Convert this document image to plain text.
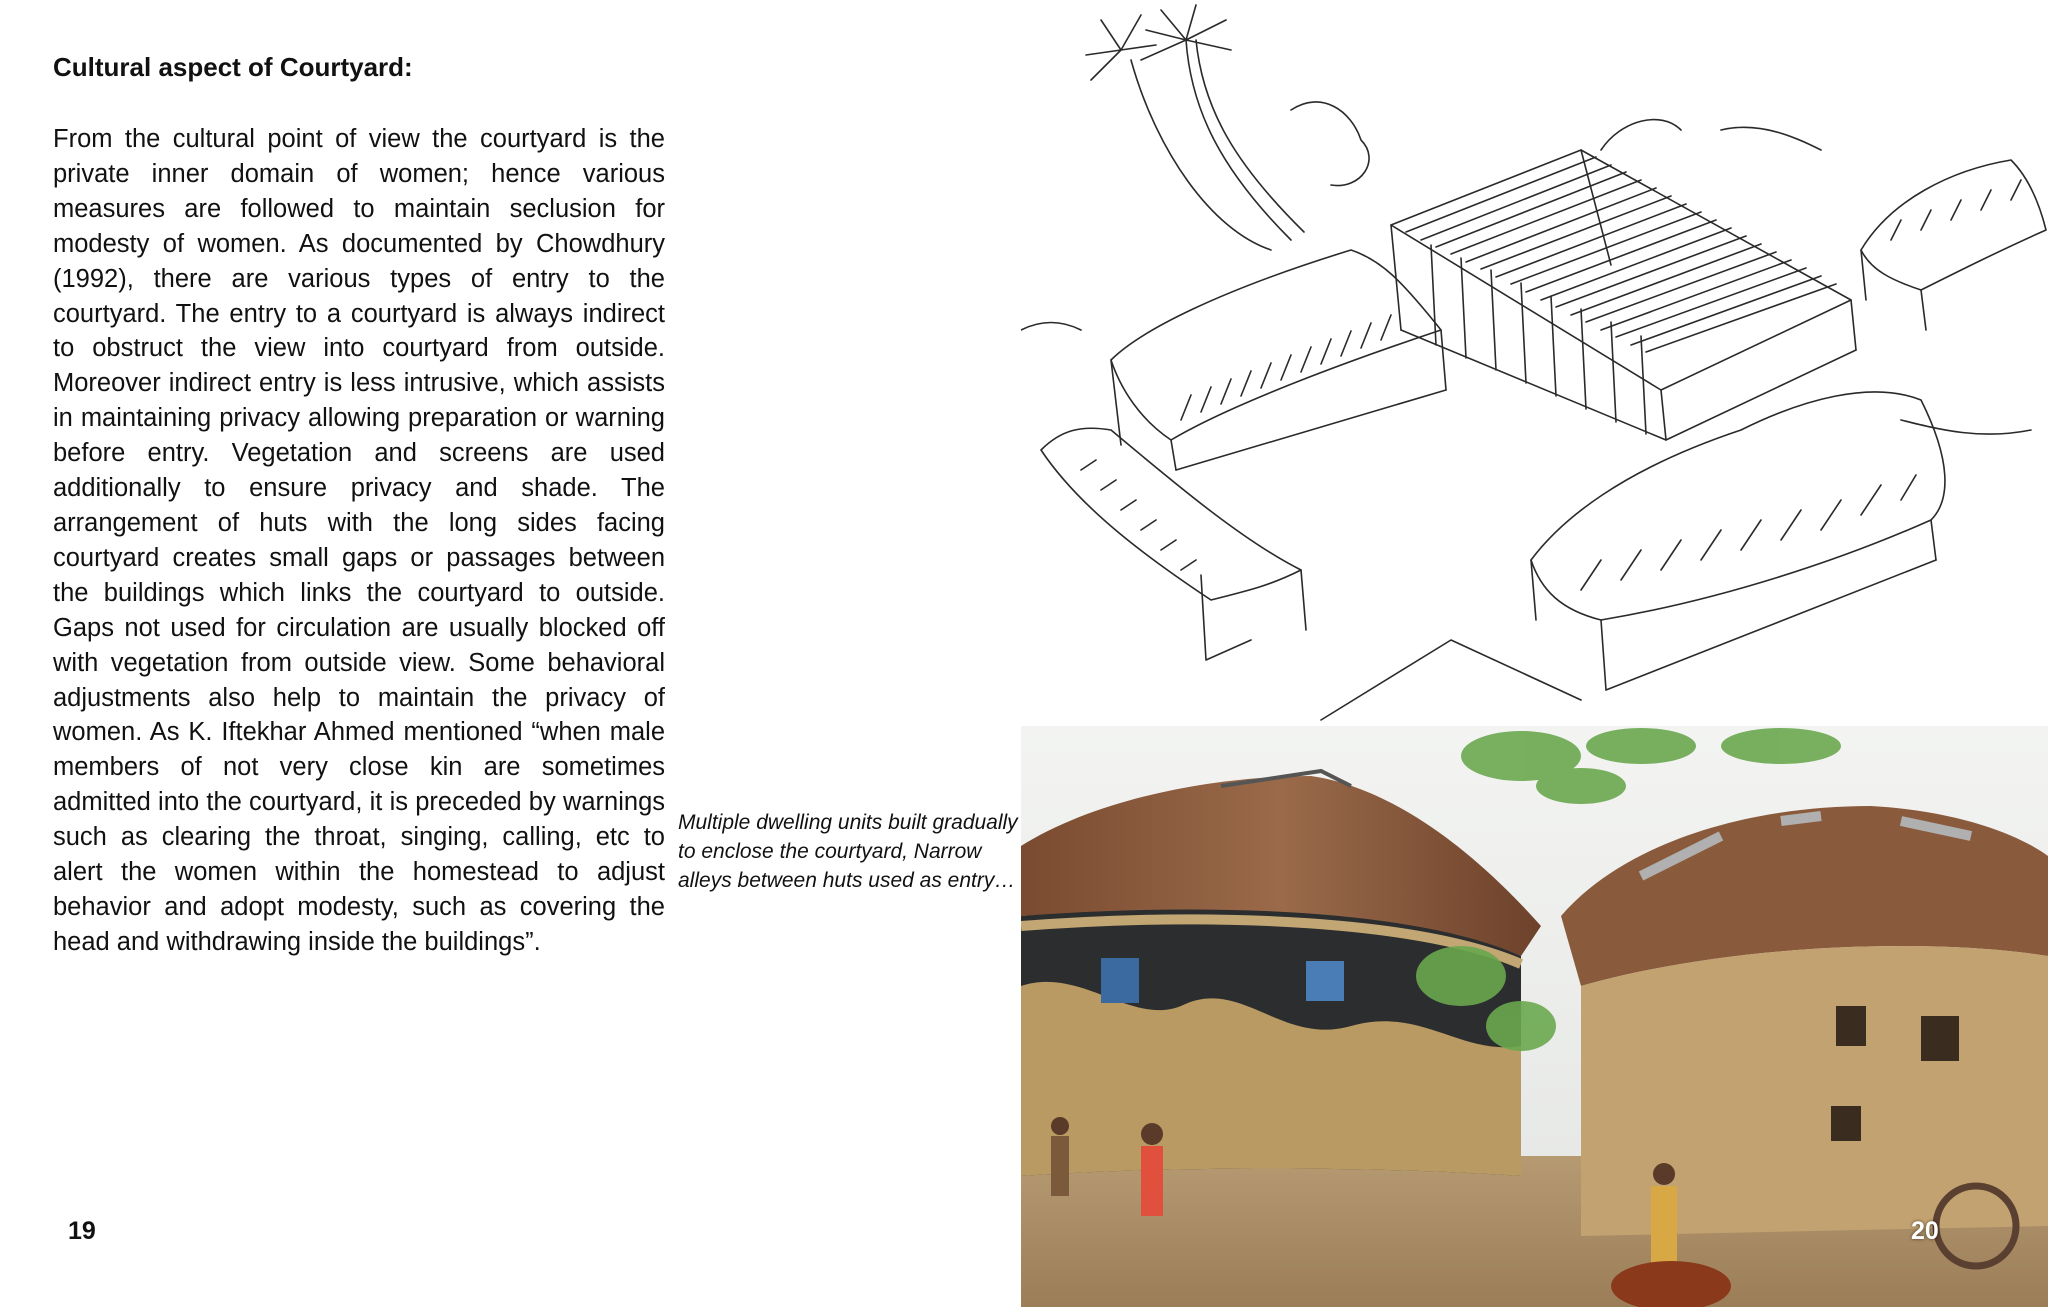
Cultural aspect of Courtyard:

From the cultural point of view the courtyard is the private inner domain of women; hence various measures are followed to maintain seclusion for modesty of women. As documented by Chowdhury (1992), there are various types of entry to the courtyard. The entry to a courtyard is always indirect to obstruct the view into courtyard from outside. Moreover indirect entry is less intrusive, which assists in maintaining privacy allowing preparation or warning before entry. Vegetation and screens are used additionally to ensure privacy and shade. The arrangement of huts with the long sides facing courtyard creates small gaps or passages between the buildings which links the courtyard to outside. Gaps not used for circulation are usually blocked off with vegetation from outside view. Some behavioral adjustments also help to maintain the privacy of women. As K. Iftekhar Ahmed mentioned “when male members of not very close kin are sometimes admitted into the courtyard, it is preceded by warnings such as clearing the throat, singing, calling, etc to alert the women within the homestead to adjust behavior and adopt modesty, such as covering the head and withdrawing inside the buildings”.

Multiple dwelling units built gradually to enclose the courtyard, Narrow alleys between huts used as entry…

19	20
